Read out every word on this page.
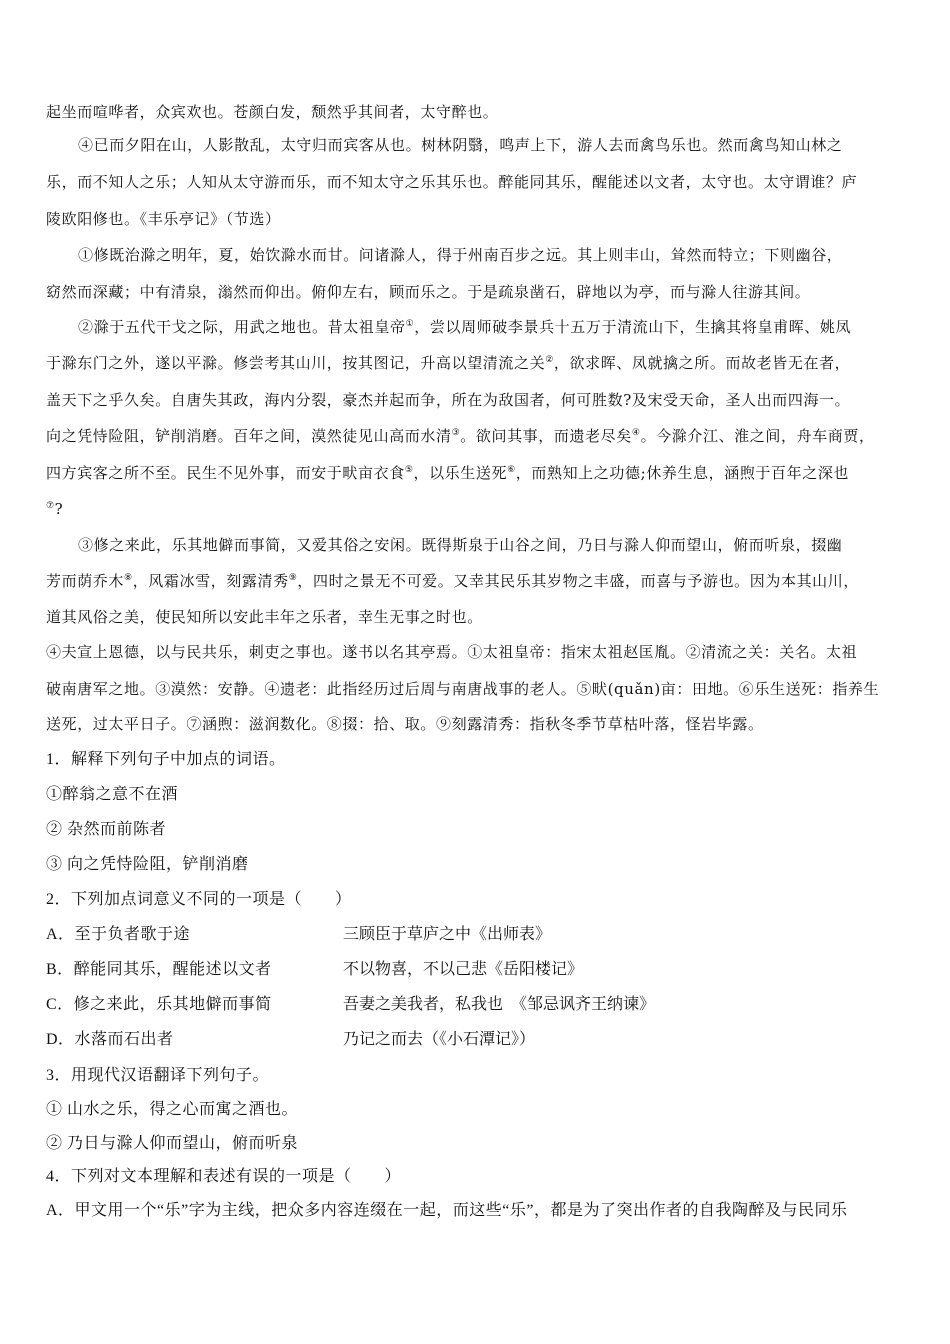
起坐而喧哗者，众宾欢也。苍颜白发，颓然乎其间者，太守醉也。
④已而夕阳在山，人影散乱，太守归而宾客从也。树林阴翳，鸣声上下，游人去而禽鸟乐也。然而禽鸟知山林之
乐，而不知人之乐；人知从太守游而乐，而不知太守之乐其乐也。醉能同其乐，醒能述以文者，太守也。太守谓谁？庐
陵欧阳修也。《丰乐亭记》（节选）
①修既治滁之明年，夏，始饮滁水而甘。问诸滁人，得于州南百步之远。其上则丰山，耸然而特立；下则幽谷，
窈然而深藏；中有清泉，滃然而仰出。俯仰左右，顾而乐之。于是疏泉凿石，辟地以为亭，而与滁人往游其间。
②滁于五代干戈之际，用武之地也。昔太祖皇帝①，尝以周师破李景兵十五万于清流山下，生擒其将皇甫晖、姚凤
于滁东门之外，遂以平滁。修尝考其山川，按其图记，升高以望清流之关②，欲求晖、凤就擒之所。而故老皆无在者，
盖天下之乎久矣。自唐失其政，海内分裂，豪杰并起而争，所在为敌国者，何可胜数?及宋受天命，圣人出而四海一。
向之凭恃险阻，铲削消磨。百年之间，漠然徒见山高而水清③。欲问其事，而遗老尽矣④。今滁介江、淮之间，舟车商贾，
四方宾客之所不至。民生不见外事，而安于畎亩衣食⑤，以乐生送死⑥，而熟知上之功德;休养生息，涵煦于百年之深也
⑦?
③修之来此，乐其地僻而事简，又爱其俗之安闲。既得斯泉于山谷之间，乃日与滁人仰而望山，俯而听泉，掇幽
芳而荫乔木⑧，风霜冰雪，刻露清秀⑨，四时之景无不可爱。又幸其民乐其岁物之丰盛，而喜与予游也。因为本其山川，
道其风俗之美，使民知所以安此丰年之乐者，幸生无事之时也。
④夫宣上恩德，以与民共乐，刺吏之事也。遂书以名其亭焉。①太祖皇帝：指宋太祖赵匡胤。②清流之关：关名。太祖
破南唐军之地。③漠然：安静。④遗老：此指经历过后周与南唐战事的老人。⑤畎(quǎn)亩：田地。⑥乐生送死：指养生
送死，过太平日子。⑦涵煦：滋润数化。⑧掇：拾、取。⑨刻露清秀：指秋冬季节草枯叶落，怪岩毕露。
1．解释下列句子中加点的词语。
①醉翁之意不在酒
② 杂然而前陈者
③ 向之凭恃险阻，铲削消磨
2．下列加点词意义不同的一项是（　　）
A．至于负者歌于途	三顾臣于草庐之中《出师表》
B．醉能同其乐，醒能述以文者	不以物喜，不以己悲《岳阳楼记》
C．修之来此，乐其地僻而事简	吾妻之美我者，私我也　《邹忌讽齐王纳谏》
D．水落而石出者	乃记之而去（《小石潭记》）
3．用现代汉语翻译下列句子。
① 山水之乐，得之心而寓之酒也。
② 乃日与滁人仰而望山，俯而听泉
4．下列对文本理解和表述有误的一项是（　　）
A．甲文用一个“乐”字为主线，把众多内容连缀在一起，而这些“乐”，都是为了突出作者的自我陶醉及与民同乐
